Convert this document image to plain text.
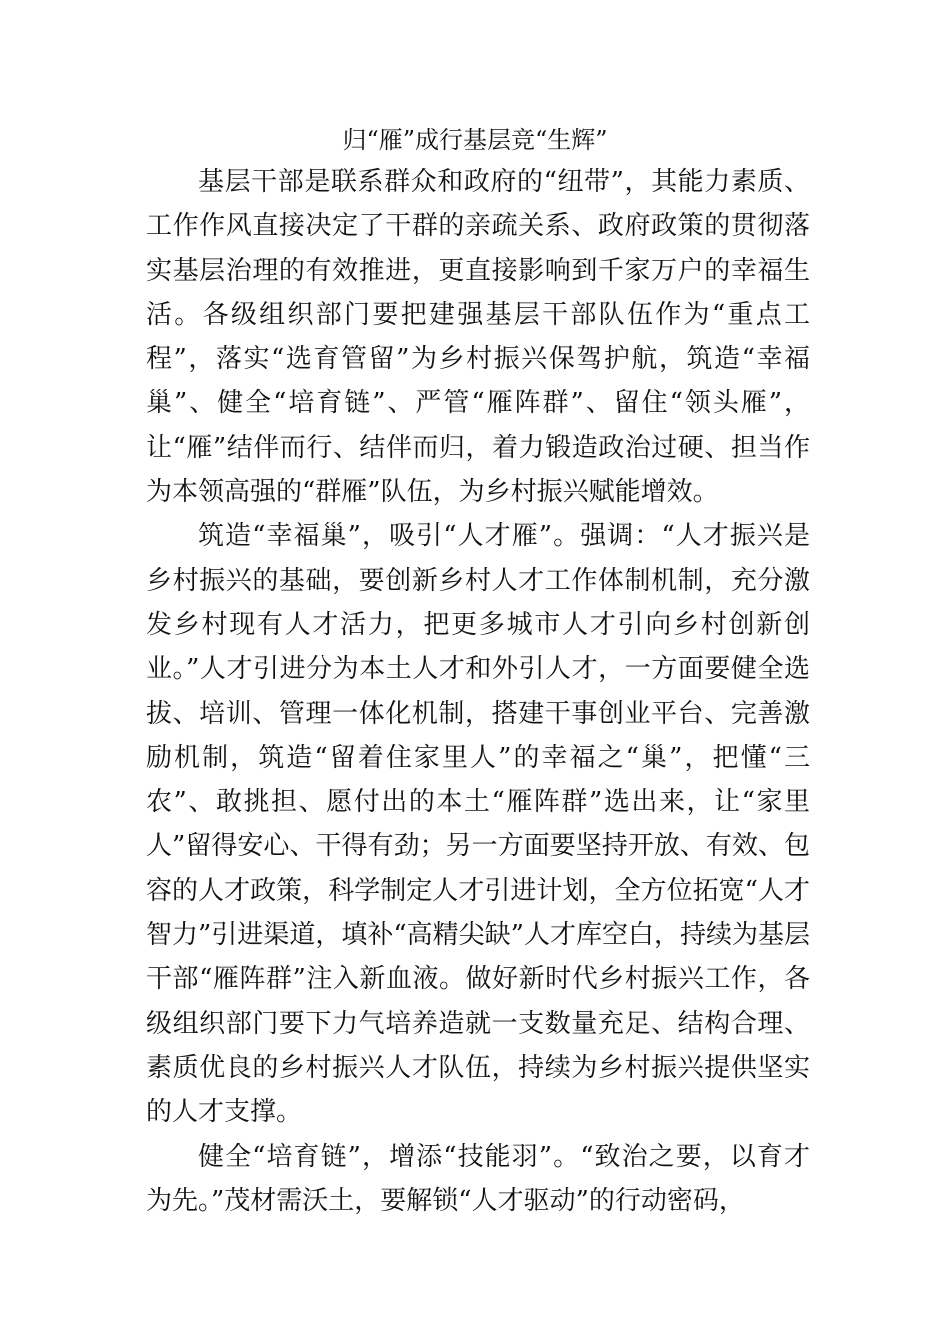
归“雁”成行基层竞“生辉”

基层干部是联系群众和政府的“纽带”，其能力素质、工作作风直接决定了干群的亲疏关系、政府政策的贯彻落实基层治理的有效推进，更直接影响到千家万户的幸福生活。各级组织部门要把建强基层干部队伍作为“重点工程”，落实“选育管留”为乡村振兴保驾护航，筑造“幸福巢”、健全“培育链”、严管“雁阵群”、留住“领头雁”，让“雁”结伴而行、结伴而归，着力锻造政治过硬、担当作为本领高强的“群雁”队伍，为乡村振兴赋能增效。

筑造“幸福巢”，吸引“人才雁”。强调：“人才振兴是乡村振兴的基础，要创新乡村人才工作体制机制，充分激发乡村现有人才活力，把更多城市人才引向乡村创新创业。”人才引进分为本土人才和外引人才，一方面要健全选拔、培训、管理一体化机制，搭建干事创业平台、完善激励机制，筑造“留着住家里人”的幸福之“巢”，把懂“三农”、敢挑担、愿付出的本土“雁阵群”选出来，让“家里人”留得安心、干得有劲；另一方面要坚持开放、有效、包容的人才政策，科学制定人才引进计划，全方位拓宽“人才智力”引进渠道，填补“高精尖缺”人才库空白，持续为基层干部“雁阵群”注入新血液。做好新时代乡村振兴工作，各级组织部门要下力气培养造就一支数量充足、结构合理、素质优良的乡村振兴人才队伍，持续为乡村振兴提供坚实的人才支撑。

健全“培育链”，增添“技能羽”。“致治之要，以育才为先。”茂材需沃土，要解锁“人才驱动”的行动密码，
